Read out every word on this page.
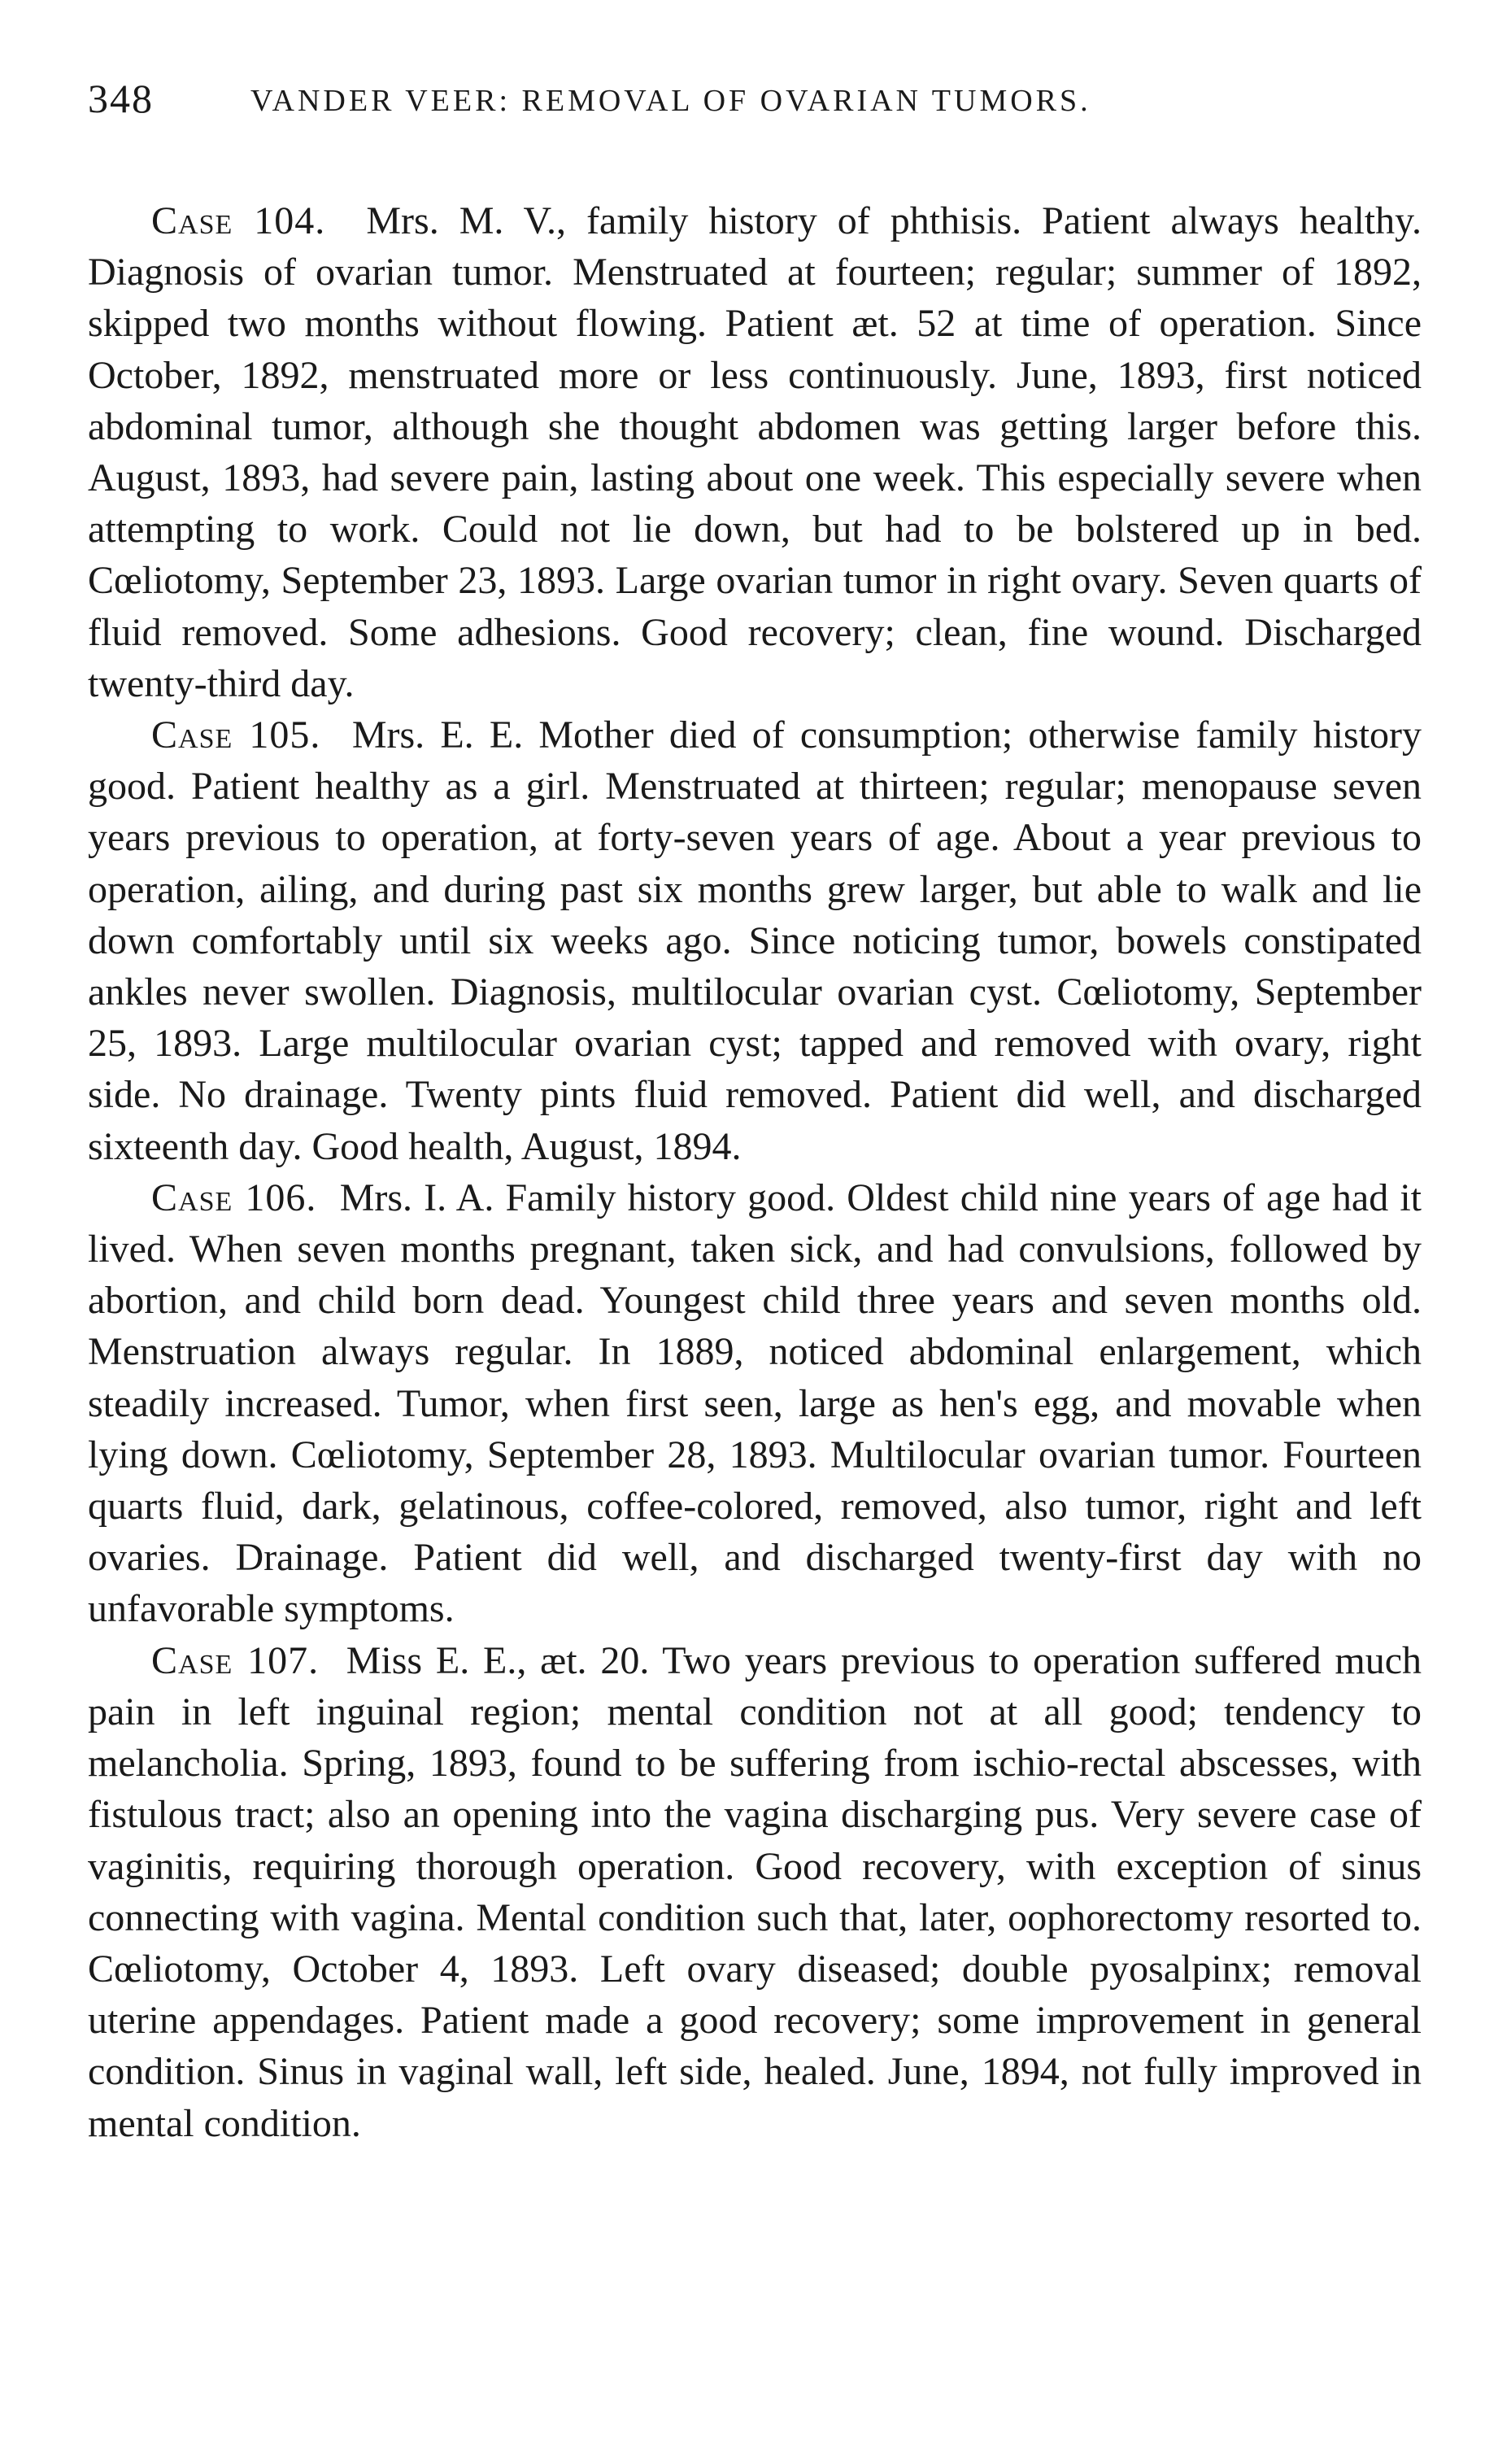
348	VANDER VEER: REMOVAL OF OVARIAN TUMORS.

Case 104. Mrs. M. V., family history of phthisis. Patient always healthy. Diagnosis of ovarian tumor. Menstruated at fourteen; regular; summer of 1892, skipped two months without flowing. Patient æt. 52 at time of operation. Since October, 1892, menstruated more or less continuously. June, 1893, first noticed abdominal tumor, although she thought abdomen was getting larger before this. August, 1893, had severe pain, lasting about one week. This especially severe when attempting to work. Could not lie down, but had to be bolstered up in bed. Cœliotomy, September 23, 1893. Large ovarian tumor in right ovary. Seven quarts of fluid removed. Some adhesions. Good recovery; clean, fine wound. Discharged twenty-third day.

Case 105. Mrs. E. E. Mother died of consumption; otherwise family history good. Patient healthy as a girl. Menstruated at thirteen; regular; menopause seven years previous to operation, at forty-seven years of age. About a year previous to operation, ailing, and during past six months grew larger, but able to walk and lie down comfortably until six weeks ago. Since noticing tumor, bowels constipated ankles never swollen. Diagnosis, multilocular ovarian cyst. Cœliotomy, September 25, 1893. Large multilocular ovarian cyst; tapped and removed with ovary, right side. No drainage. Twenty pints fluid removed. Patient did well, and discharged sixteenth day. Good health, August, 1894.

Case 106. Mrs. I. A. Family history good. Oldest child nine years of age had it lived. When seven months pregnant, taken sick, and had convulsions, followed by abortion, and child born dead. Youngest child three years and seven months old. Menstruation always regular. In 1889, noticed abdominal enlargement, which steadily increased. Tumor, when first seen, large as hen's egg, and movable when lying down. Cœliotomy, September 28, 1893. Multilocular ovarian tumor. Fourteen quarts fluid, dark, gelatinous, coffee-colored, removed, also tumor, right and left ovaries. Drainage. Patient did well, and discharged twenty-first day with no unfavorable symptoms.

Case 107. Miss E. E., æt. 20. Two years previous to operation suffered much pain in left inguinal region; mental condition not at all good; tendency to melancholia. Spring, 1893, found to be suffering from ischio-rectal abscesses, with fistulous tract; also an opening into the vagina discharging pus. Very severe case of vaginitis, requiring thorough operation. Good recovery, with exception of sinus connecting with vagina. Mental condition such that, later, oophorectomy resorted to. Cœliotomy, October 4, 1893. Left ovary diseased; double pyosalpinx; removal uterine appendages. Patient made a good recovery; some improvement in general condition. Sinus in vaginal wall, left side, healed. June, 1894, not fully improved in mental condition.
